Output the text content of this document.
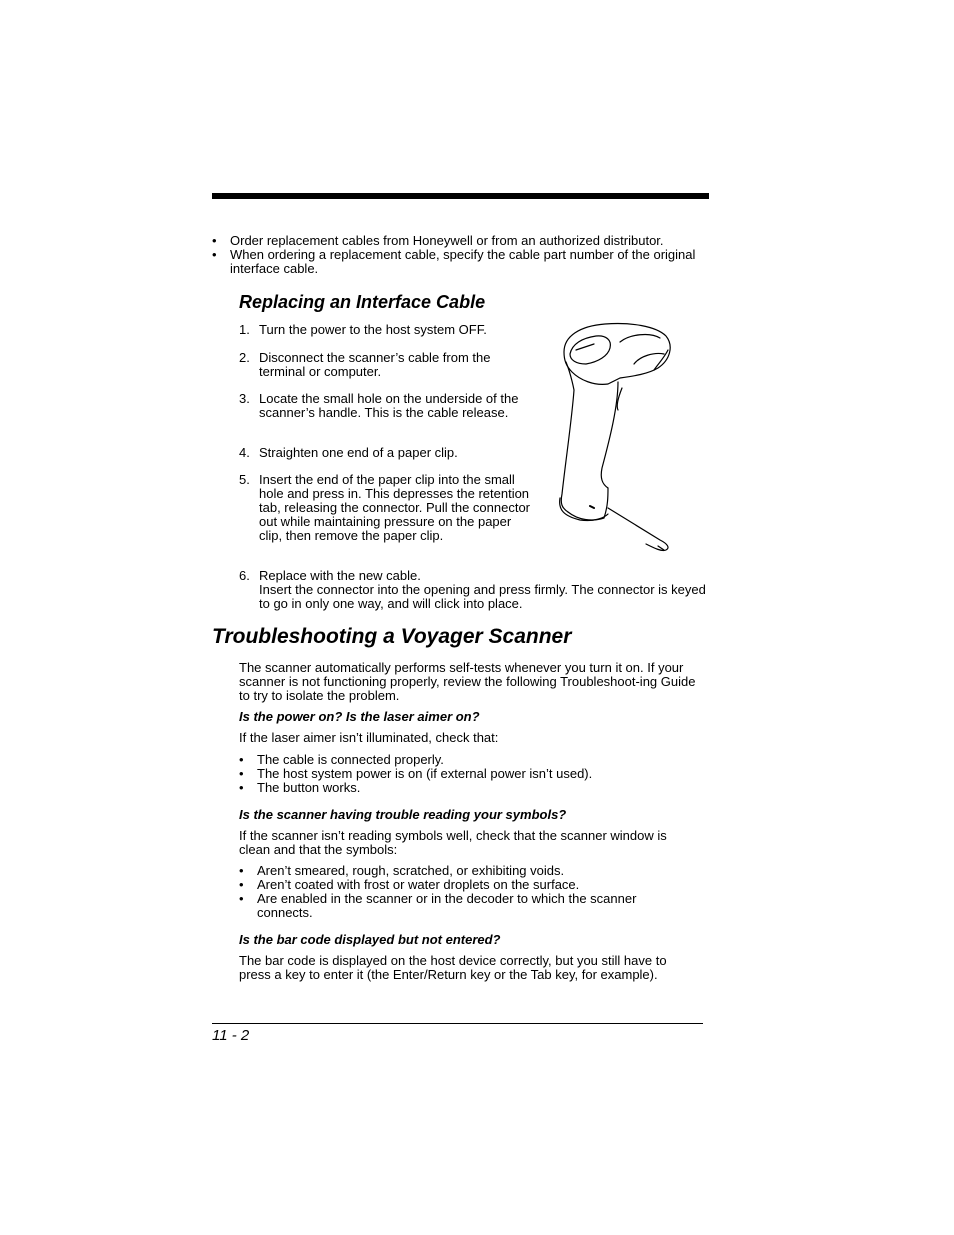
• Order replacement cables from Honeywell or from an authorized distributor.
• When ordering a replacement cable, specify the cable part number of the original interface cable.
Replacing an Interface Cable
1. Turn the power to the host system OFF.
2. Disconnect the scanner’s cable from the terminal or computer.
3. Locate the small hole on the underside of the scanner’s handle. This is the cable release.
4. Straighten one end of a paper clip.
5. Insert the end of the paper clip into the small hole and press in. This depresses the retention tab, releasing the connector. Pull the connector out while maintaining pressure on the paper clip, then remove the paper clip.
6. Replace with the new cable.
Insert the connector into the opening and press firmly. The connector is keyed to go in only one way, and will click into place.
Troubleshooting a Voyager Scanner
The scanner automatically performs self-tests whenever you turn it on. If your scanner is not functioning properly, review the following Troubleshoot-ing Guide to try to isolate the problem.
Is the power on? Is the laser aimer on?
If the laser aimer isn’t illuminated, check that:
• The cable is connected properly.
• The host system power is on (if external power isn’t used).
• The button works.
Is the scanner having trouble reading your symbols?
If the scanner isn’t reading symbols well, check that the scanner window is clean and that the symbols:
• Aren’t smeared, rough, scratched, or exhibiting voids.
• Aren’t coated with frost or water droplets on the surface.
• Are enabled in the scanner or in the decoder to which the scanner connects.
Is the bar code displayed but not entered?
The bar code is displayed on the host device correctly, but you still have to press a key to enter it (the Enter/Return key or the Tab key, for example).
11 - 2
